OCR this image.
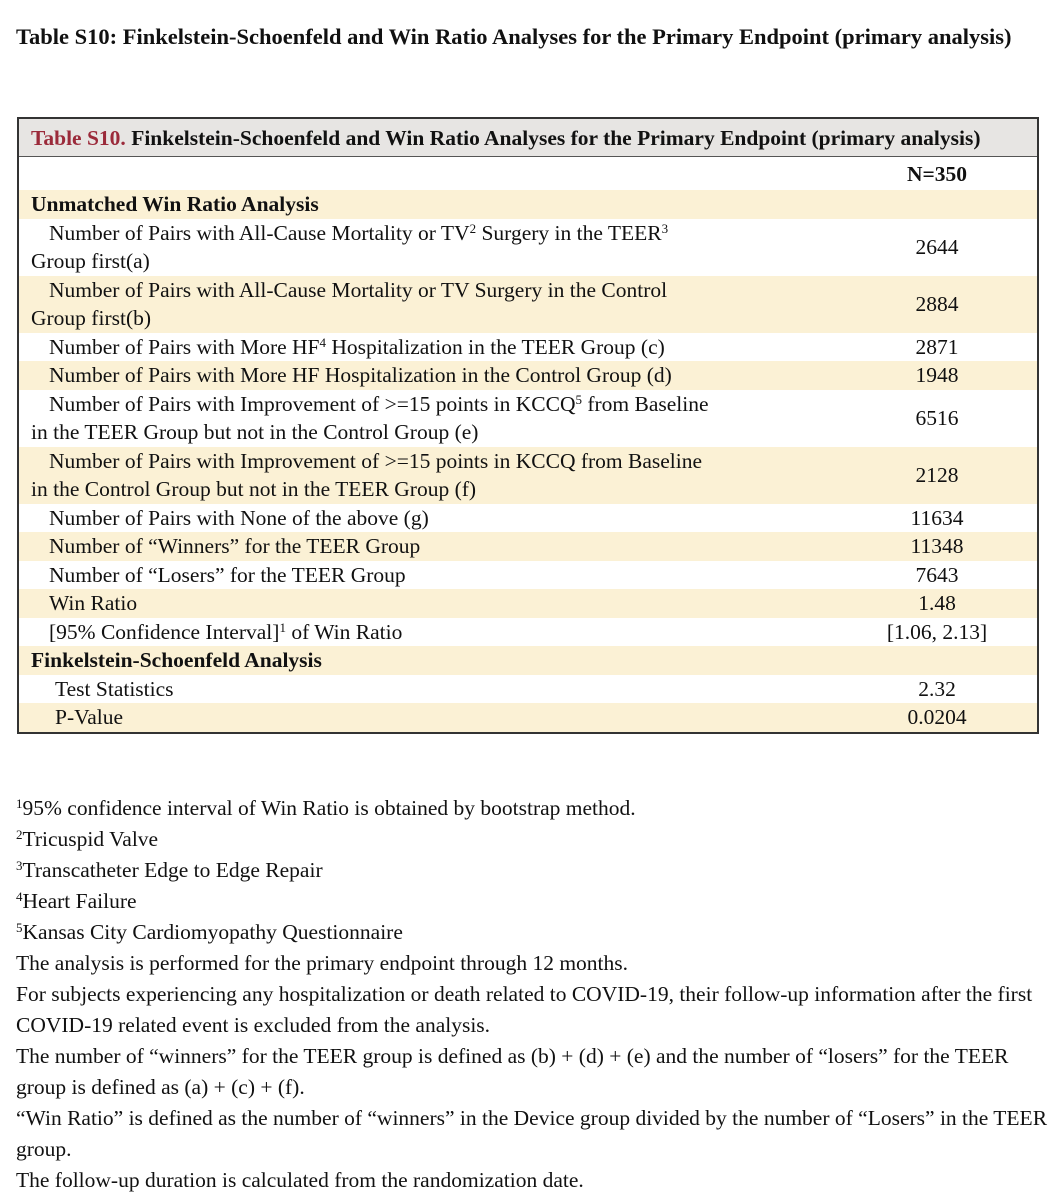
Table S10: Finkelstein-Schoenfeld and Win Ratio Analyses for the Primary Endpoint (primary analysis)
Table S10. Finkelstein-Schoenfeld and Win Ratio Analyses for the Primary Endpoint (primary analysis)
	N=350
Unmatched Win Ratio Analysis	

Number of Pairs with All-Cause Mortality or $TV^2$ Surgery in the TEER$^3$
Group first(a)	2644

Number of Pairs with All-Cause Mortality or TV Surgery in the Control
Group first(b)	2884

Number of Pairs with More $HF^4$ Hospitalization in the TEER Group (c)	2871

Number of Pairs with More HF Hospitalization in the Control Group (d)	1948

Number of Pairs with Improvement of >=15 points in KCCQ$^5$ from Baseline
in the TEER Group but not in the Control Group (e)	6516

Number of Pairs with Improvement of >=15 points in KCCQ from Baseline
in the Control Group but not in the TEER Group (f)	2128

Number of Pairs with None of the above (g)	11634

Number of “Winners” for the TEER Group	11348

Number of “Losers” for the TEER Group	7643

Win Ratio	1.48

[95% Confidence Interval]$^1$ of Win Ratio	[1.06, 2.13]
Finkelstein-Schoenfeld Analysis	
Test Statistics	2.32
P-Value	0.0204

$^1$95% confidence interval of Win Ratio is obtained by bootstrap method.

$^2$Tricuspid Valve

$^3$Transcatheter Edge to Edge Repair

$^4$Heart Failure

$^5$Kansas City Cardiomyopathy Questionnaire

The analysis is performed for the primary endpoint through 12 months.

For subjects experiencing any hospitalization or death related to COVID-19, their follow-up information after the first COVID-19 related event is excluded from the analysis.

The number of “winners” for the TEER group is defined as (b) + (d) + (e) and the number of “losers” for the TEER group is defined as (a) + (c) + (f).

“Win Ratio” is defined as the number of “winners” in the Device group divided by the number of “Losers” in the TEER group.

The follow-up duration is calculated from the randomization date.
